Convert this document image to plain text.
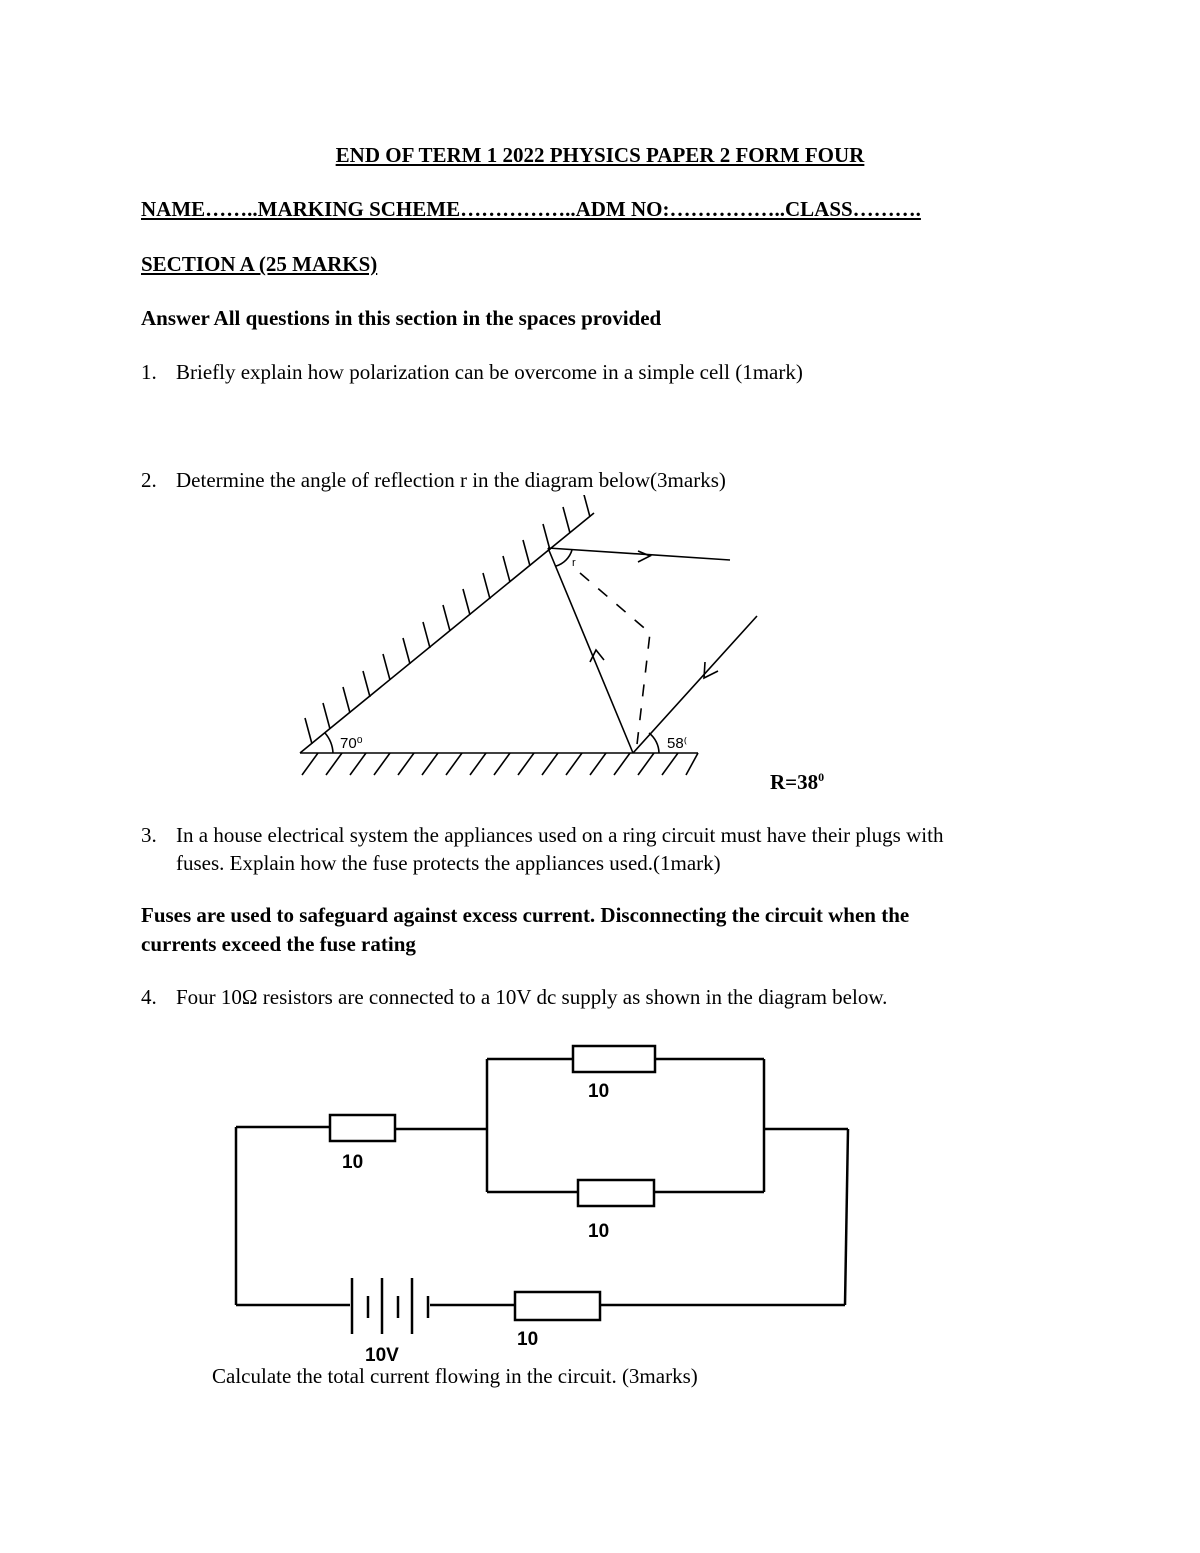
END OF TERM 1 2022 PHYSICS PAPER 2 FORM FOUR
NAME……..MARKING SCHEME……………..ADM NO:……………..CLASS……….
SECTION A (25 MARKS)
Answer All questions in this section in the spaces provided
1. Briefly explain how polarization can be overcome in a simple cell (1mark)
2. Determine the angle of reflection r in the diagram below(3marks)
70⁰	58⁽
r
$R=38^0$
3. In a house electrical system the appliances used on a ring circuit must have their plugs with
fuses. Explain how the fuse protects the appliances used.(1mark)
Fuses are used to safeguard against excess current. Disconnecting the circuit when the
currents exceed the fuse rating
4. Four 10Ω resistors are connected to a 10V dc supply as shown in the diagram below.
10
10
10
10
10V
Calculate the total current flowing in the circuit. (3marks)
